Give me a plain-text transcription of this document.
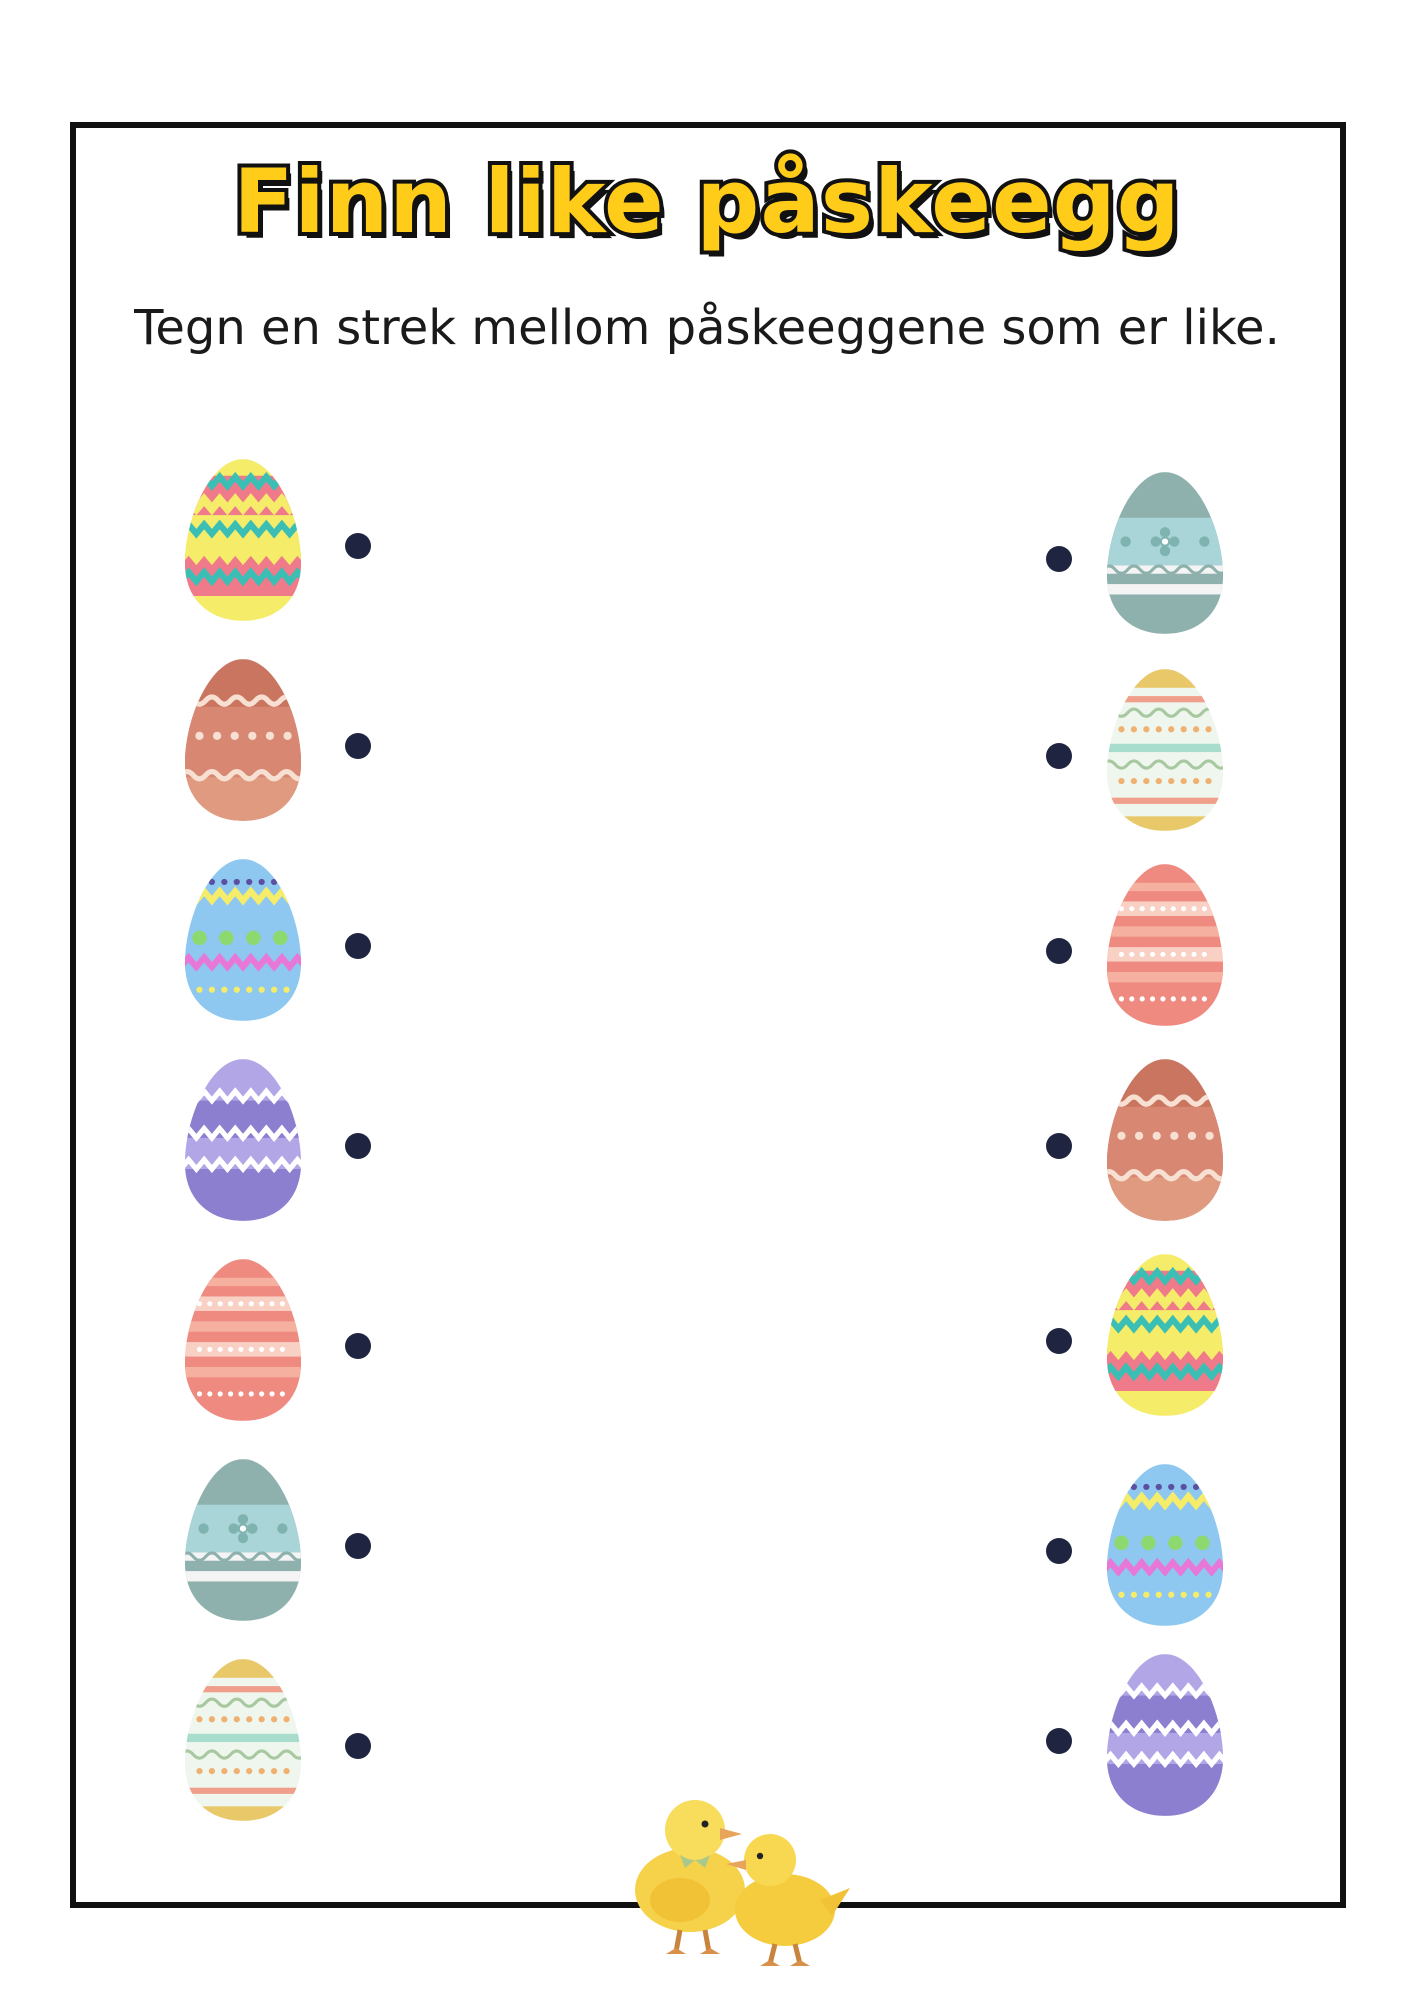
Finn like påskeegg
Tegn en strek mellom påskeeggene som er like.
